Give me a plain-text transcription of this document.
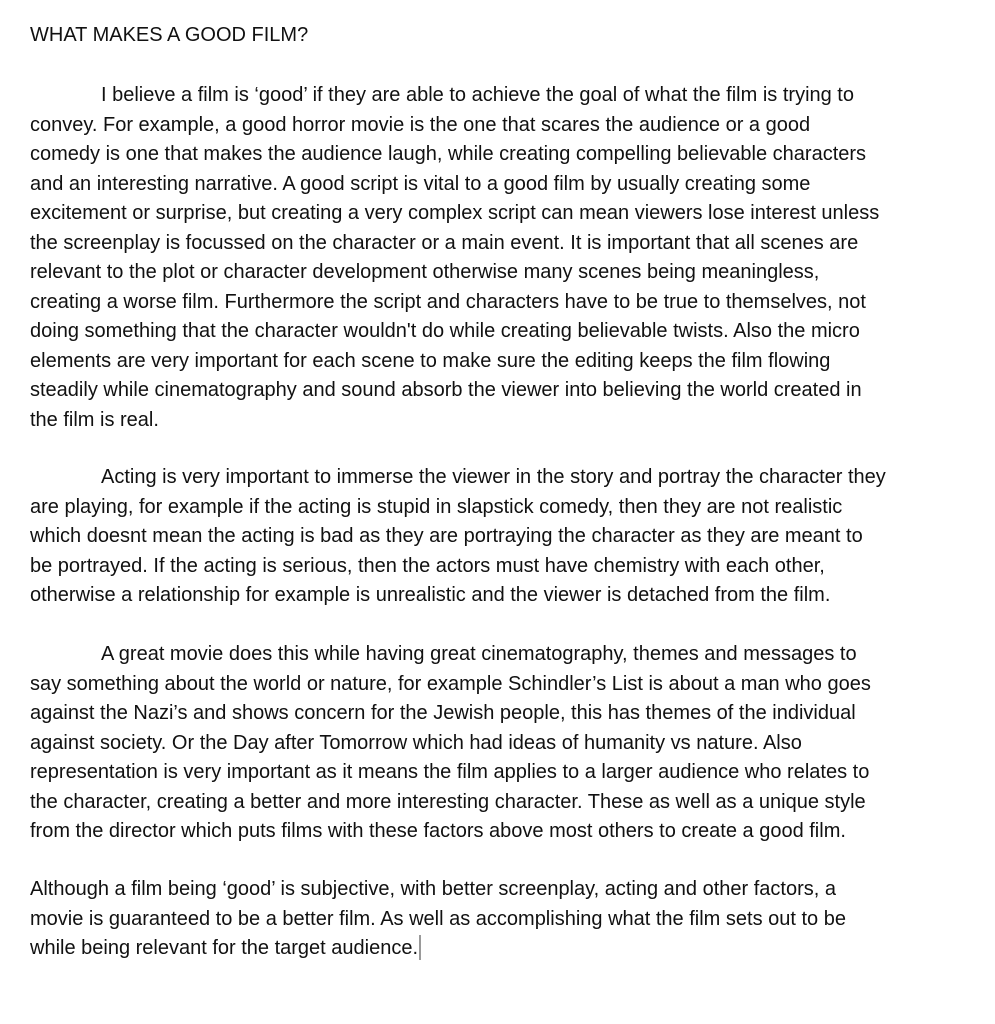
WHAT MAKES A GOOD FILM?
I believe a film is ‘good’ if they are able to achieve the goal of what the film is trying to
convey. For example, a good horror movie is the one that scares the audience or a good
comedy is one that makes the audience laugh, while creating compelling believable characters
and an interesting narrative. A good script is vital to a good film by usually creating some
excitement or surprise, but creating a very complex script can mean viewers lose interest unless
the screenplay is focussed on the character or a main event. It is important that all scenes are
relevant to the plot or character development otherwise many scenes being meaningless,
creating a worse film. Furthermore the script and characters have to be true to themselves, not
doing something that the character wouldn't do while creating believable twists. Also the micro
elements are very important for each scene to make sure the editing keeps the film flowing
steadily while cinematography and sound absorb the viewer into believing the world created in
the film is real.
Acting is very important to immerse the viewer in the story and portray the character they
are playing, for example if the acting is stupid in slapstick comedy, then they are not realistic
which doesnt mean the acting is bad as they are portraying the character as they are meant to
be portrayed. If the acting is serious, then the actors must have chemistry with each other,
otherwise a relationship for example is unrealistic and the viewer is detached from the film.
A great movie does this while having great cinematography, themes and messages to
say something about the world or nature, for example Schindler’s List is about a man who goes
against the Nazi’s and shows concern for the Jewish people, this has themes of the individual
against society. Or the Day after Tomorrow which had ideas of humanity vs nature. Also
representation is very important as it means the film applies to a larger audience who relates to
the character, creating a better and more interesting character. These as well as a unique style
from the director which puts films with these factors above most others to create a good film.
Although a film being ‘good’ is subjective, with better screenplay, acting and other factors, a
movie is guaranteed to be a better film. As well as accomplishing what the film sets out to be
while being relevant for the target audience.
